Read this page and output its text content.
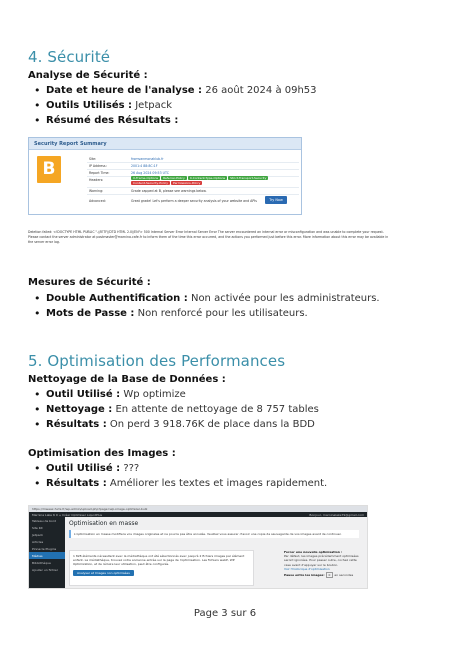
4. Sécurité
Analyse de Sécurité :
• Date et heure de l'analyse : 26 août 2024 à 09h53
• Outils Utilisés : Jetpack
• Résumé des Résultats :
Security Report Summary
B	Site:	fromvanmonaklub.fr
IP Address:	2001:4 88:8C:1F
Report Time:	26 Aug 2024 09:53 UTC
Headers:	X-Frame-Options Referrer-Policy X-Content-Type-Options Strict-Transport-Security
Content-Security-Policy Permissions-Policy
Warning:	Grade capped at B, please see warnings below.
Advanced:	Great grade! Let's perform a deeper security analysis of your website and APIs	Try Now
Deletion failed: <!DOCTYPE HTML PUBLIC "-//IETF//DTD HTML 2.0//EN"> 500 Internal Server Error Internal Server Error The server encountered an internal error or misconfiguration and was unable to complete your request. Please contact the server administrator at postmaster@marnina.cafe.fr to inform them of the time this error occurred, and the actions you performed just before this error. More information about this error may be available in the server error log.
Mesures de Sécurité :
• Double Authentification : Non activée pour les administrateurs.
• Mots de Passe : Non renforcé pour les utilisateurs.
5. Optimisation des Performances
Nettoyage de la Base de Données :
• Outil Utilisé : Wp optimize
• Nettoyage : En attente de nettoyage de 8 757 tables
• Résultats : On perd 3 918.76K de place dans la BDD
Optimisation des Images :
• Outil Utilisé : ???
• Résultats : Améliorer les textes et images rapidement.
https://mwaax-fumi.fr/wp-admin/upload.php?page=wp-image-optimizer-bulk
Marnina Lake 6 0 + Créer Optimiser LiquidPlus	Bonjour, marninalake79@gmail.com
Tableau de bord
Site Kit
Jetpack
Articles
Pinnacle Plugins
Médias
Bibliothèque
Ajouter un fichier
Optimisation en masse
L'optimisation en masse modifiera vos images originales et ne pourra pas être annulée. Veuillez vous assurer d'avoir une copie de sauvegarde de vos images avant de continuer.
1 828 éléments nécessitent avec la médiathèque ont été sélectionnés avec jusqu'à 2 fichiers images par élément enfant. La médiathèque, trouvez votre ancienne entrée sur la page de l'optimisation. Les fichiers webP, WP Optimization, et de réduire leur utilisation, peut être configurés.
Analyser et Images non optimisées
Forcer une nouvelle optimisation :
Par défaut, les images précédemment optimisées seront ignorées. Pour passer outre, cochez cette case avant d'appuyer sur le bouton.
Voir l'historique d'optimisation
Pause entre les images: 0 en secondes
Page 3 sur 6
